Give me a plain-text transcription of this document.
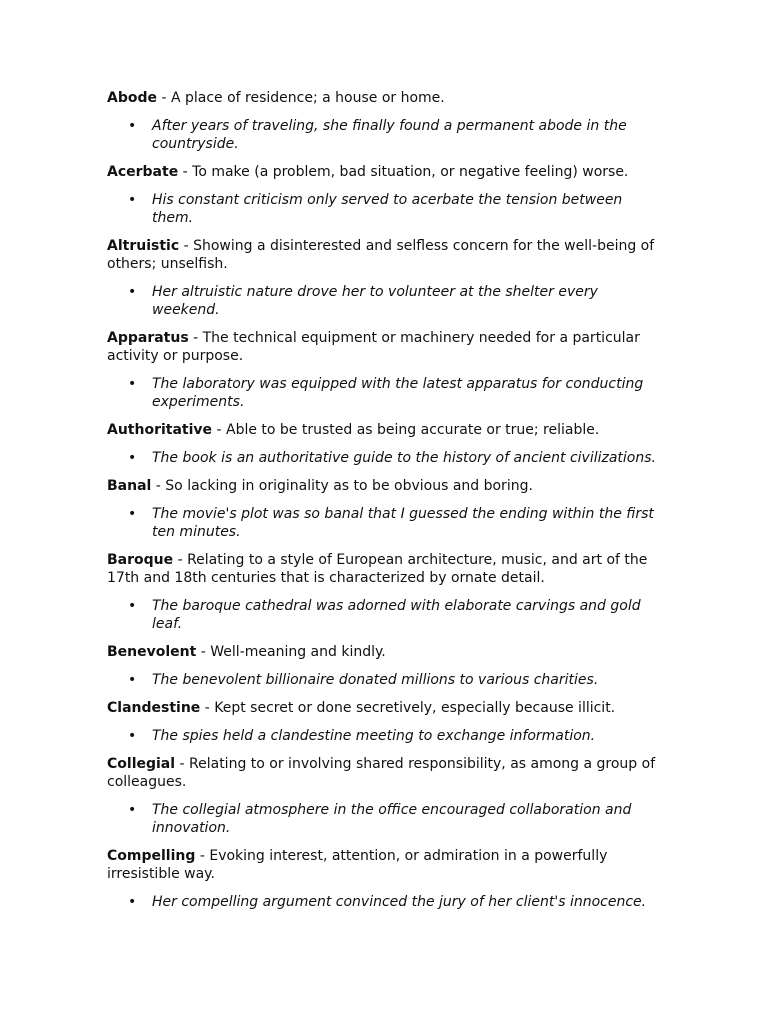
Abode - A place of residence; a house or home.

• After years of traveling, she finally found a permanent abode in the countryside.

Acerbate - To make (a problem, bad situation, or negative feeling) worse.

• His constant criticism only served to acerbate the tension between them.

Altruistic - Showing a disinterested and selfless concern for the well-being of others; unselfish.

• Her altruistic nature drove her to volunteer at the shelter every weekend.

Apparatus - The technical equipment or machinery needed for a particular activity or purpose.

• The laboratory was equipped with the latest apparatus for conducting experiments.

Authoritative - Able to be trusted as being accurate or true; reliable.

• The book is an authoritative guide to the history of ancient civilizations.

Banal - So lacking in originality as to be obvious and boring.

• The movie's plot was so banal that I guessed the ending within the first ten minutes.

Baroque - Relating to a style of European architecture, music, and art of the 17th and 18th centuries that is characterized by ornate detail.

• The baroque cathedral was adorned with elaborate carvings and gold leaf.

Benevolent - Well-meaning and kindly.

• The benevolent billionaire donated millions to various charities.

Clandestine - Kept secret or done secretively, especially because illicit.

• The spies held a clandestine meeting to exchange information.

Collegial - Relating to or involving shared responsibility, as among a group of colleagues.

• The collegial atmosphere in the office encouraged collaboration and innovation.

Compelling - Evoking interest, attention, or admiration in a powerfully irresistible way.

• Her compelling argument convinced the jury of her client's innocence.
